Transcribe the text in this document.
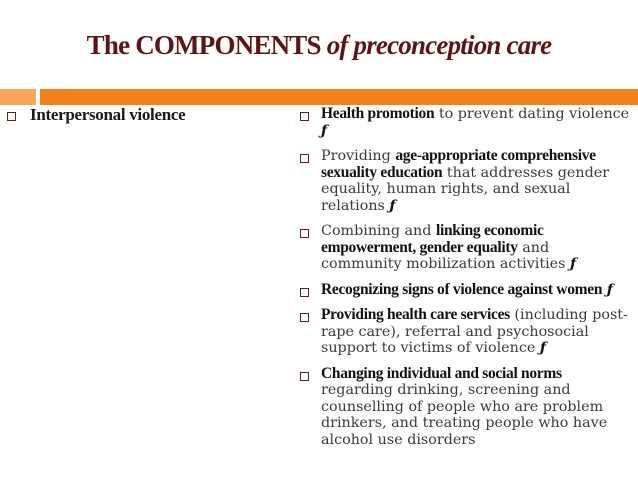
The COMPONENTS of preconception care
Interpersonal violence	Health promotion to prevent dating violence ƒ
Providing age-appropriate comprehensive sexuality education that addresses gender equality, human rights, and sexual relations ƒ
Combining and linking economic empowerment, gender equality and community mobilization activities ƒ
Recognizing signs of violence against women ƒ
Providing health care services (including post-rape care), referral and psychosocial support to victims of violence ƒ
Changing individual and social norms regarding drinking, screening and counselling of people who are problem drinkers, and treating people who have alcohol use disorders
